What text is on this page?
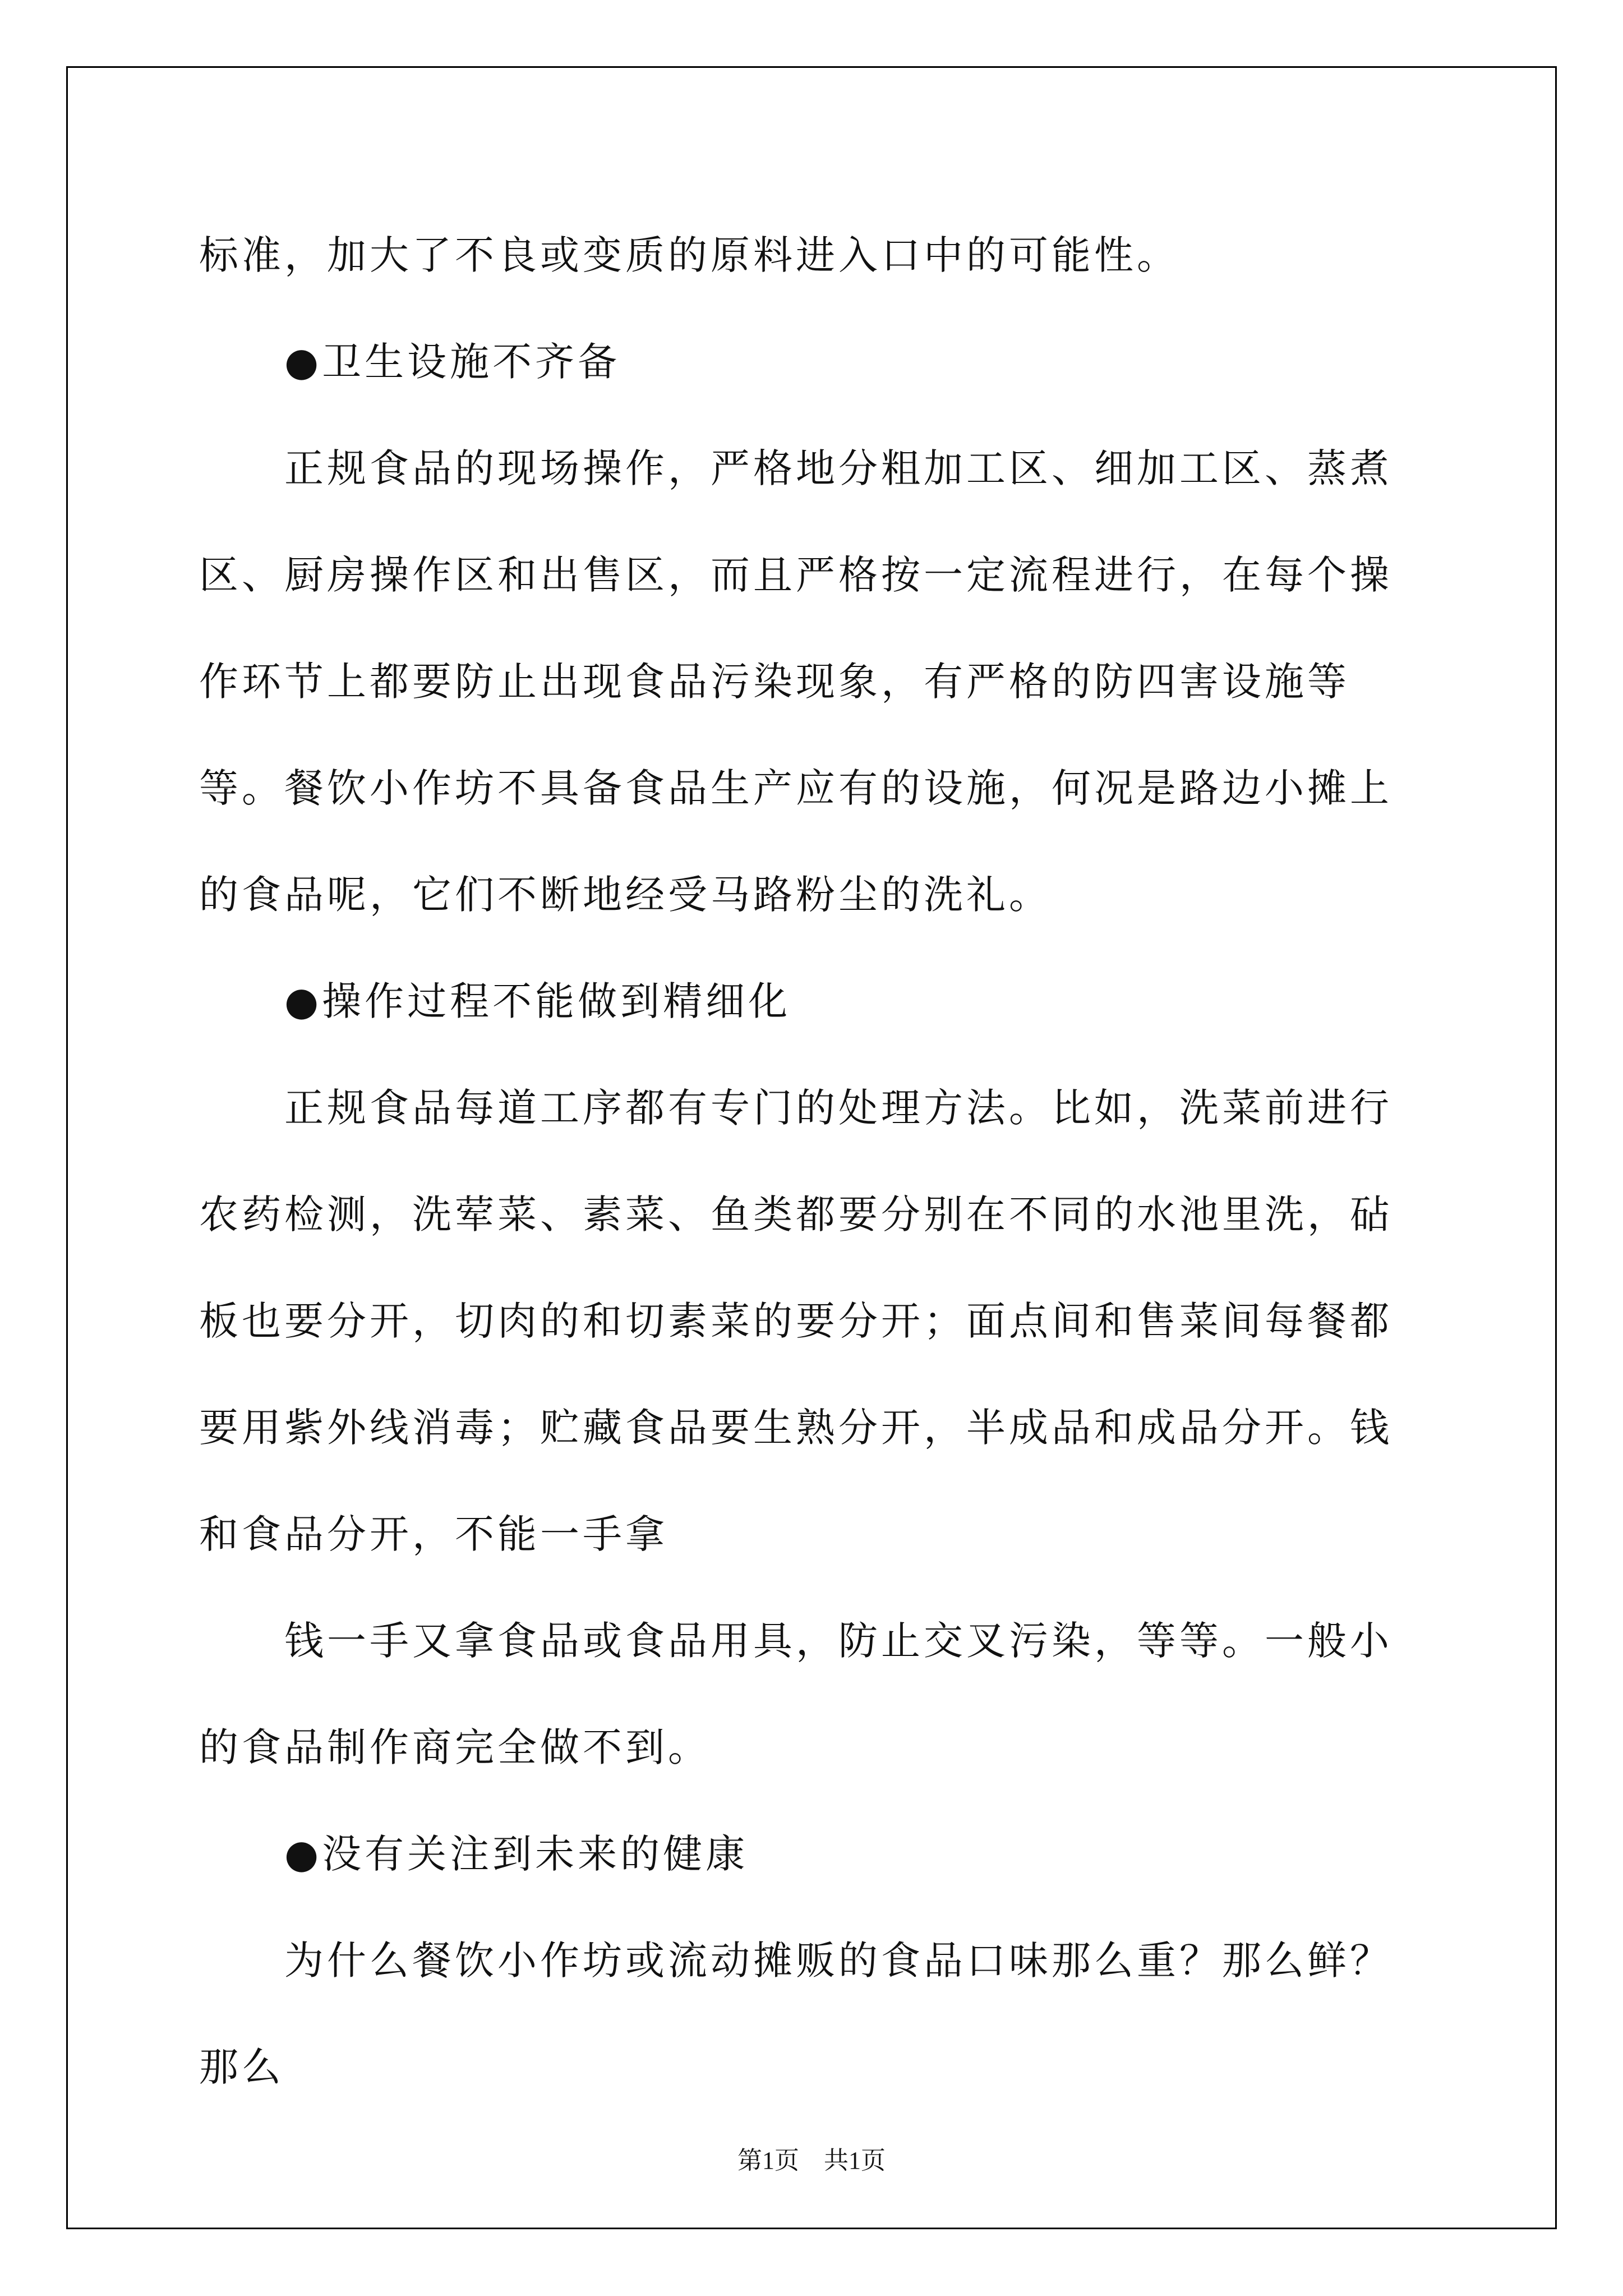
标准，加大了不良或变质的原料进入口中的可能性。

　　●卫生设施不齐备

　　正规食品的现场操作，严格地分粗加工区、细加工区、蒸煮区、厨房操作区和出售区，而且严格按一定流程进行，在每个操作环节上都要防止出现食品污染现象，有严格的防四害设施等等。餐饮小作坊不具备食品生产应有的设施，何况是路边小摊上的食品呢，它们不断地经受马路粉尘的洗礼。

　　●操作过程不能做到精细化

　　正规食品每道工序都有专门的处理方法。比如，洗菜前进行农药检测，洗荤菜、素菜、鱼类都要分别在不同的水池里洗，砧板也要分开，切肉的和切素菜的要分开；面点间和售菜间每餐都要用紫外线消毒；贮藏食品要生熟分开，半成品和成品分开。钱和食品分开，不能一手拿

　　钱一手又拿食品或食品用具，防止交叉污染，等等。一般小的食品制作商完全做不到。

　　●没有关注到未来的健康

　　为什么餐饮小作坊或流动摊贩的食品口味那么重？那么鲜？那么

第1页　共1页
